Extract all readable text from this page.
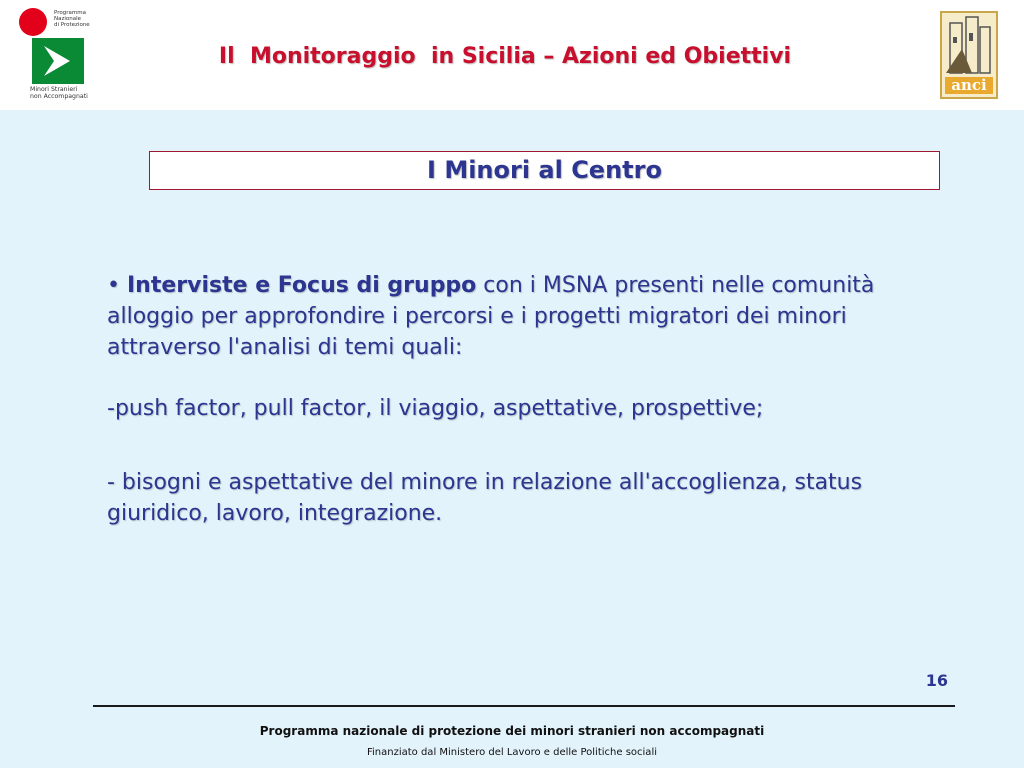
Programma
Nazionale
di Protezione
Minori Stranieri
non Accompagnati
Il  Monitoraggio  in Sicilia – Azioni ed Obiettivi
anci
I Minori al Centro

• Interviste e Focus di gruppo con i MSNA presenti nelle comunità alloggio per approfondire i percorsi e i progetti migratori dei minori attraverso l'analisi di temi quali:

-push factor, pull factor, il viaggio, aspettative, prospettive;

- bisogni e aspettative del minore in relazione all'accoglienza, status giuridico, lavoro, integrazione.

16
Programma nazionale di protezione dei minori stranieri non accompagnati
Finanziato dal Ministero del Lavoro e delle Politiche sociali
